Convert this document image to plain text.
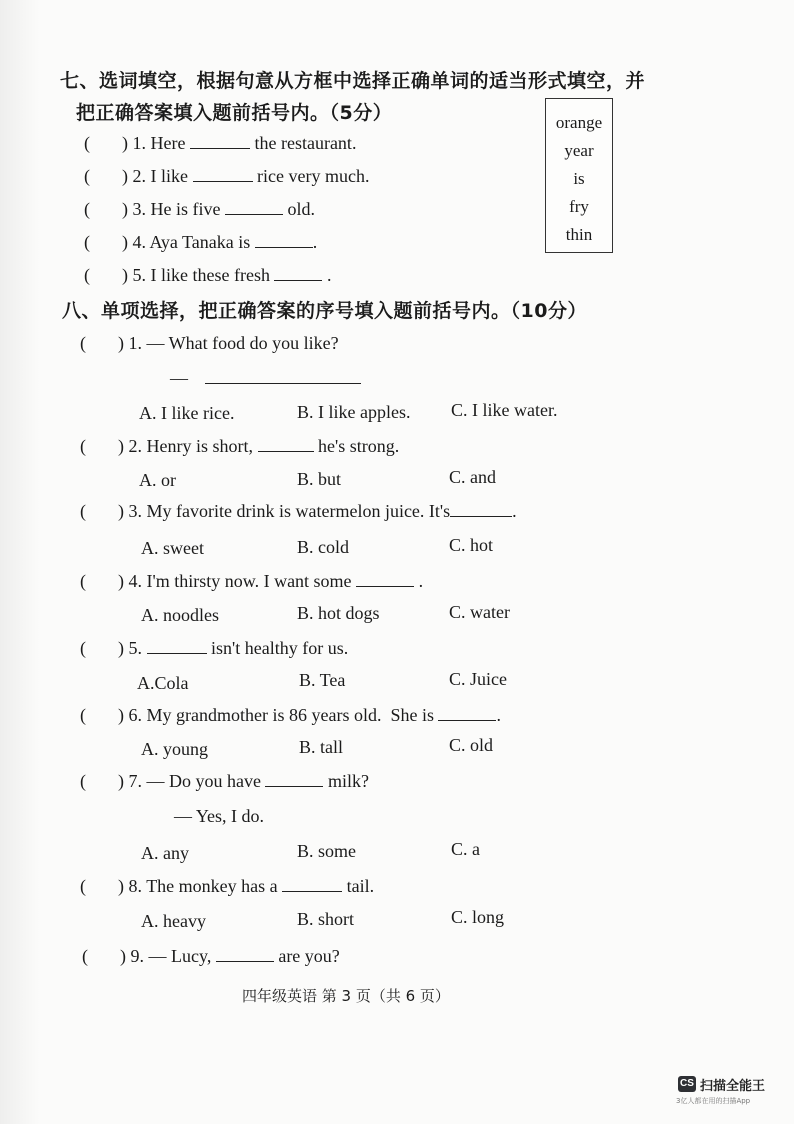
七、选词填空，根据句意从方框中选择正确单词的适当形式填空，并
把正确答案填入题前括号内。（5分）	orange
year
is
fry
thin
( ) 1. Here	the restaurant.
( ) 2. I like	rice very much.
( ) 3. He is five	old.
( ) 4. Aya Tanaka is	.
( ) 5. I like these fresh	.
八、单项选择，把正确答案的序号填入题前括号内。（10分）
( ) 1. — What food do you like?
—
A. I like rice.	B. I like apples. C. I like water.
( ) 2. Henry is short,	he's strong.
A. or	B. but	C. and
( ) 3. My favorite drink is watermelon juice. It's	.
A. sweet	B. cold	C. hot
( ) 4. I'm thirsty now. I want some	.
A. noodles	B. hot dogs	C. water
( ) 5.	isn't healthy for us.
A.Cola	B. Tea	C. Juice
( ) 6. My grandmother is 86 years old.  She is	.
A. young	B. tall	C. old
( ) 7. — Do you have	milk?
— Yes, I do.
A. any	B. some	C. a
( ) 8. The monkey has a	tail.
A. heavy	B. short	C. long
( ) 9. — Lucy,	are you?
四年级英语 第 3 页（共 6 页）
CS 扫描全能王
3亿人都在用的扫描App
